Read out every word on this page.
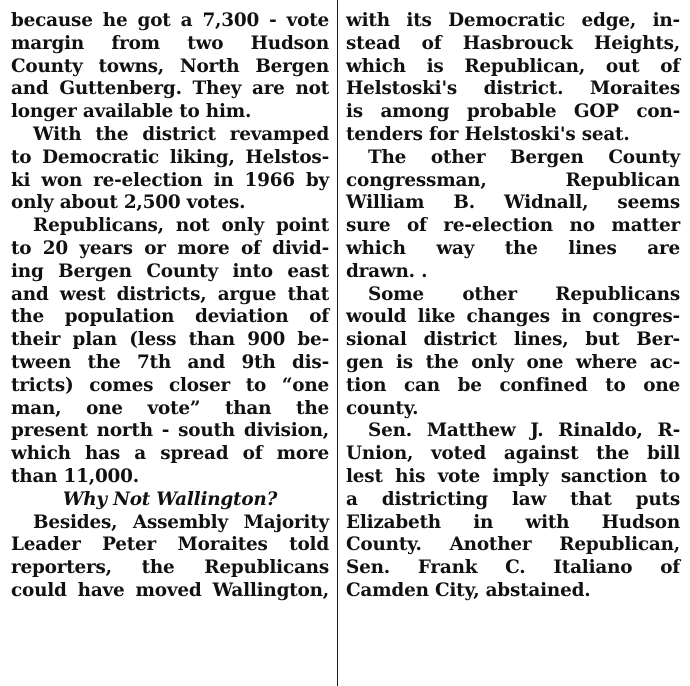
because he got a 7,300 - vote
margin from two Hudson
County towns, North Bergen
and Guttenberg. They are not
longer available to him.
With the district revamped
to Democratic liking, Helstos-
ki won re-election in 1966 by
only about 2,500 votes.
Republicans, not only point
to 20 years or more of divid-
ing Bergen County into east
and west districts, argue that
the population deviation of
their plan (less than 900 be-
tween the 7th and 9th dis-
tricts) comes closer to “one
man, one vote” than the
present north - south division,
which has a spread of more
than 11,000.
Why Not Wallington?
Besides, Assembly Majority
Leader Peter Moraites told
reporters, the Republicans
could have moved Wallington,
with its Democratic edge, in-
stead of Hasbrouck Heights,
which is Republican, out of
Helstoski's district. Moraites
is among probable GOP con-
tenders for Helstoski's seat.
The other Bergen County
congressman, Republican
William B. Widnall, seems
sure of re-election no matter
which way the lines are
drawn. .
Some other Republicans
would like changes in congres-
sional district lines, but Ber-
gen is the only one where ac-
tion can be confined to one
county.
Sen. Matthew J. Rinaldo, R-
Union, voted against the bill
lest his vote imply sanction to
a districting law that puts
Elizabeth in with Hudson
County. Another Republican,
Sen. Frank C. Italiano of
Camden City, abstained.
